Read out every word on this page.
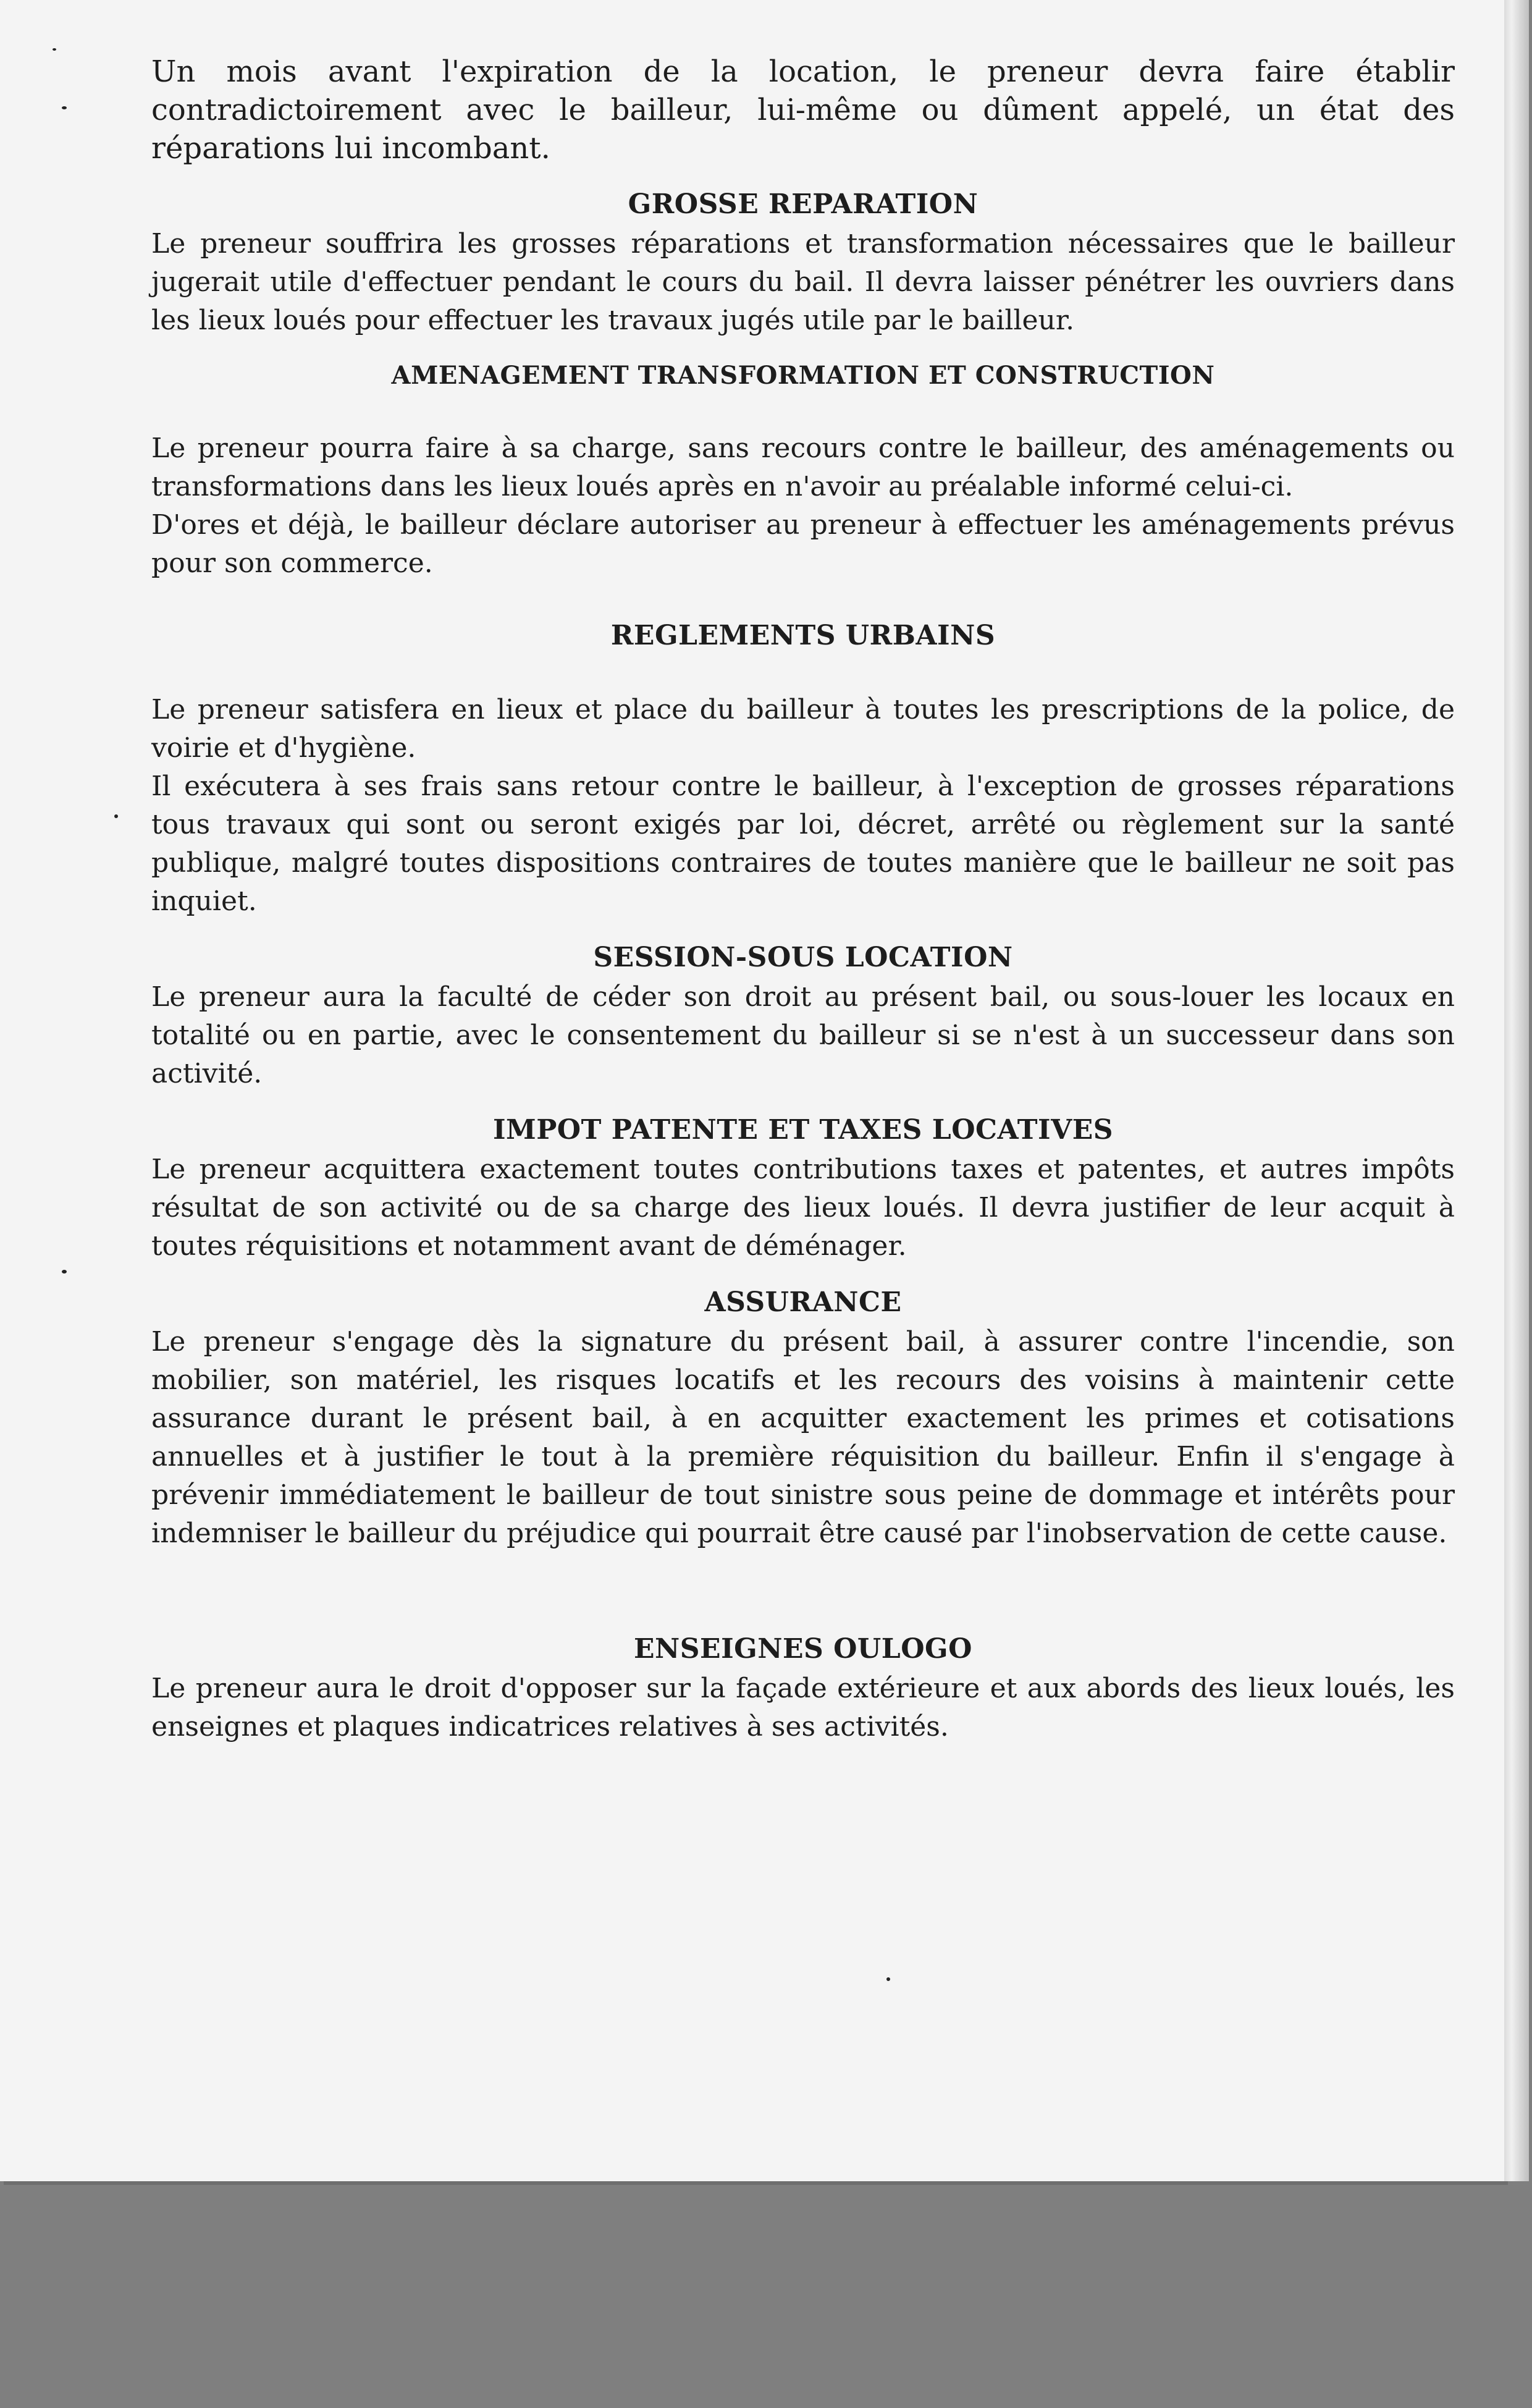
Un mois avant l'expiration de la location, le preneur devra faire établir contradictoirement avec le bailleur, lui-même ou dûment appelé, un état des réparations lui incombant.

GROSSE REPARATION

Le preneur souffrira les grosses réparations et transformation nécessaires que le bailleur jugerait utile d'effectuer pendant le cours du bail. Il devra laisser pénétrer les ouvriers dans les lieux loués pour effectuer les travaux jugés utile par le bailleur.

AMENAGEMENT TRANSFORMATION ET CONSTRUCTION

Le preneur pourra faire à sa charge, sans recours contre le bailleur, des aménagements ou transformations dans les lieux loués après en n'avoir au préalable informé celui-ci.

D'ores et déjà, le bailleur déclare autoriser au preneur à effectuer les aménagements prévus pour son commerce.

REGLEMENTS URBAINS

Le preneur satisfera en lieux et place du bailleur à toutes les prescriptions de la police, de voirie et d'hygiène.

Il exécutera à ses frais sans retour contre le bailleur, à l'exception de grosses réparations tous travaux qui sont ou seront exigés par loi, décret, arrêté ou règlement sur la santé publique, malgré toutes dispositions contraires de toutes manière que le bailleur ne soit pas inquiet.

SESSION-SOUS LOCATION

Le preneur aura la faculté de céder son droit au présent bail, ou sous-louer les locaux en totalité ou en partie, avec le consentement du bailleur si se n'est à un successeur dans son activité.

IMPOT PATENTE ET TAXES LOCATIVES

Le preneur acquittera exactement toutes contributions taxes et patentes, et autres impôts résultat de son activité ou de sa charge des lieux loués. Il devra justifier de leur acquit à toutes réquisitions et notamment avant de déménager.

ASSURANCE

Le preneur s'engage dès la signature du présent bail, à assurer contre l'incendie, son mobilier, son matériel, les risques locatifs et les recours des voisins à maintenir cette assurance durant le présent bail, à en acquitter exactement les primes et cotisations annuelles et à justifier le tout à la première réquisition du bailleur. Enfin il s'engage à prévenir immédiatement le bailleur de tout sinistre sous peine de dommage et intérêts pour indemniser le bailleur du préjudice qui pourrait être causé par l'inobservation de cette cause.

ENSEIGNES OULOGO

Le preneur aura le droit d'opposer sur la façade extérieure et aux abords des lieux loués, les enseignes et plaques indicatrices relatives à ses activités.
